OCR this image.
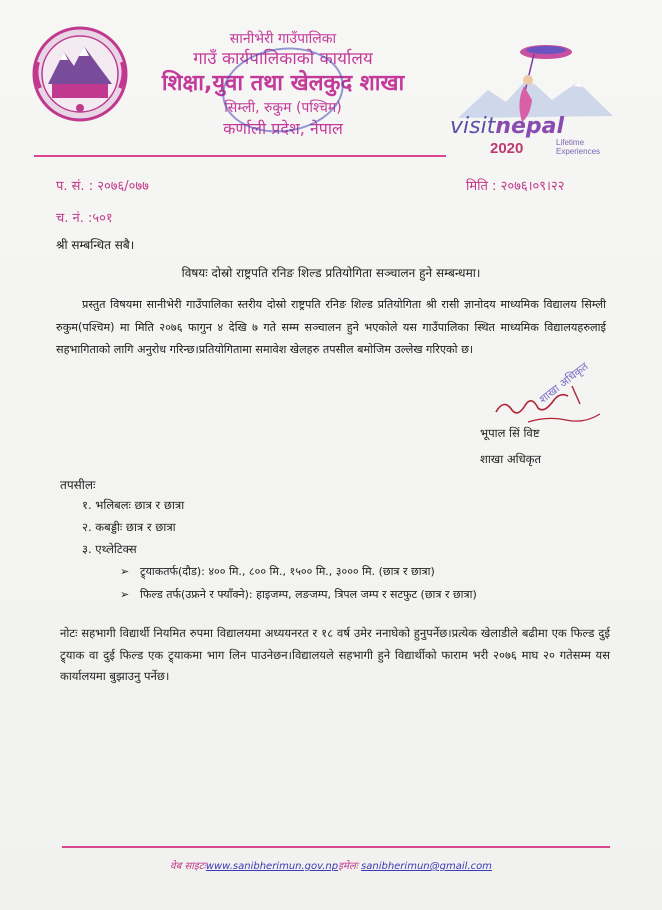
सानीभेरी गाउँपालिका
गाउँ कार्यपालिकाको कार्यालय
शिक्षा,युवा तथा खेलकुद शाखा
सिम्ली, रुकुम (पश्चिम)
कर्णाली प्रदेश, नेपाल	visitnepal
Lifetime
Experiences
2020
प. सं. : २०७६/०७७	मिति : २०७६।०९।२२
च. नं. :५०१
श्री सम्बन्धित सबै।
विषयः दोस्रो राष्ट्रपति रनिङ शिल्ड प्रतियोगिता सञ्चालन हुने सम्बन्धमा।
प्रस्तुत विषयमा सानीभेरी गाउँपालिका स्तरीय दोस्रो राष्ट्रपति रनिङ शिल्ड प्रतियोगिता श्री रासी ज्ञानोदय माध्यमिक विद्यालय सिम्ली रुकुम(पश्चिम) मा मिति २०७६ फागुन ४ देखि ७ गते सम्म सञ्चालन हुने भएकोले यस गाउँपालिका स्थित माध्यमिक विद्यालयहरुलाई सहभागिताको लागि अनुरोध गरिन्छ।प्रतियोगितामा समावेश खेलहरु तपसील बमोजिम उल्लेख गरिएको छ।
भूपाल सिं विष्ट
शाखा अधिकृत
शाखा अधिकृत
तपसीलः
१. भलिबलः छात्र र छात्रा
२. कबड्डीः छात्र र छात्रा
३. एथ्लेटिक्स
➢ ट्र्याकतर्फ(दौड): ४०० मि., ८०० मि., १५०० मि., ३००० मि. (छात्र र छात्रा)
➢ फिल्ड तर्फ(उफ्रने र फ्याँक्ने): हाइजम्प, लङजम्प, त्रिपल जम्प र सटफुट (छात्र र छात्रा)
नोटः सहभागी विद्यार्थी नियमित रुपमा विद्यालयमा अध्ययनरत र १८ वर्ष उमेर ननाघेको हुनुपर्नेछ।प्रत्येक खेलाडीले बढीमा एक फिल्ड दुई ट्र्याक वा दुई फिल्ड एक ट्र्याकमा भाग लिन पाउनेछन।विद्यालयले सहभागी हुने विद्यार्थीको फाराम भरी २०७६ माघ २० गतेसम्म यस कार्यालयमा बुझाउनु पर्नेछ।
वेब साइटःwww.sanibherimun.gov.npइमेलः sanibherimun@gmail.com
